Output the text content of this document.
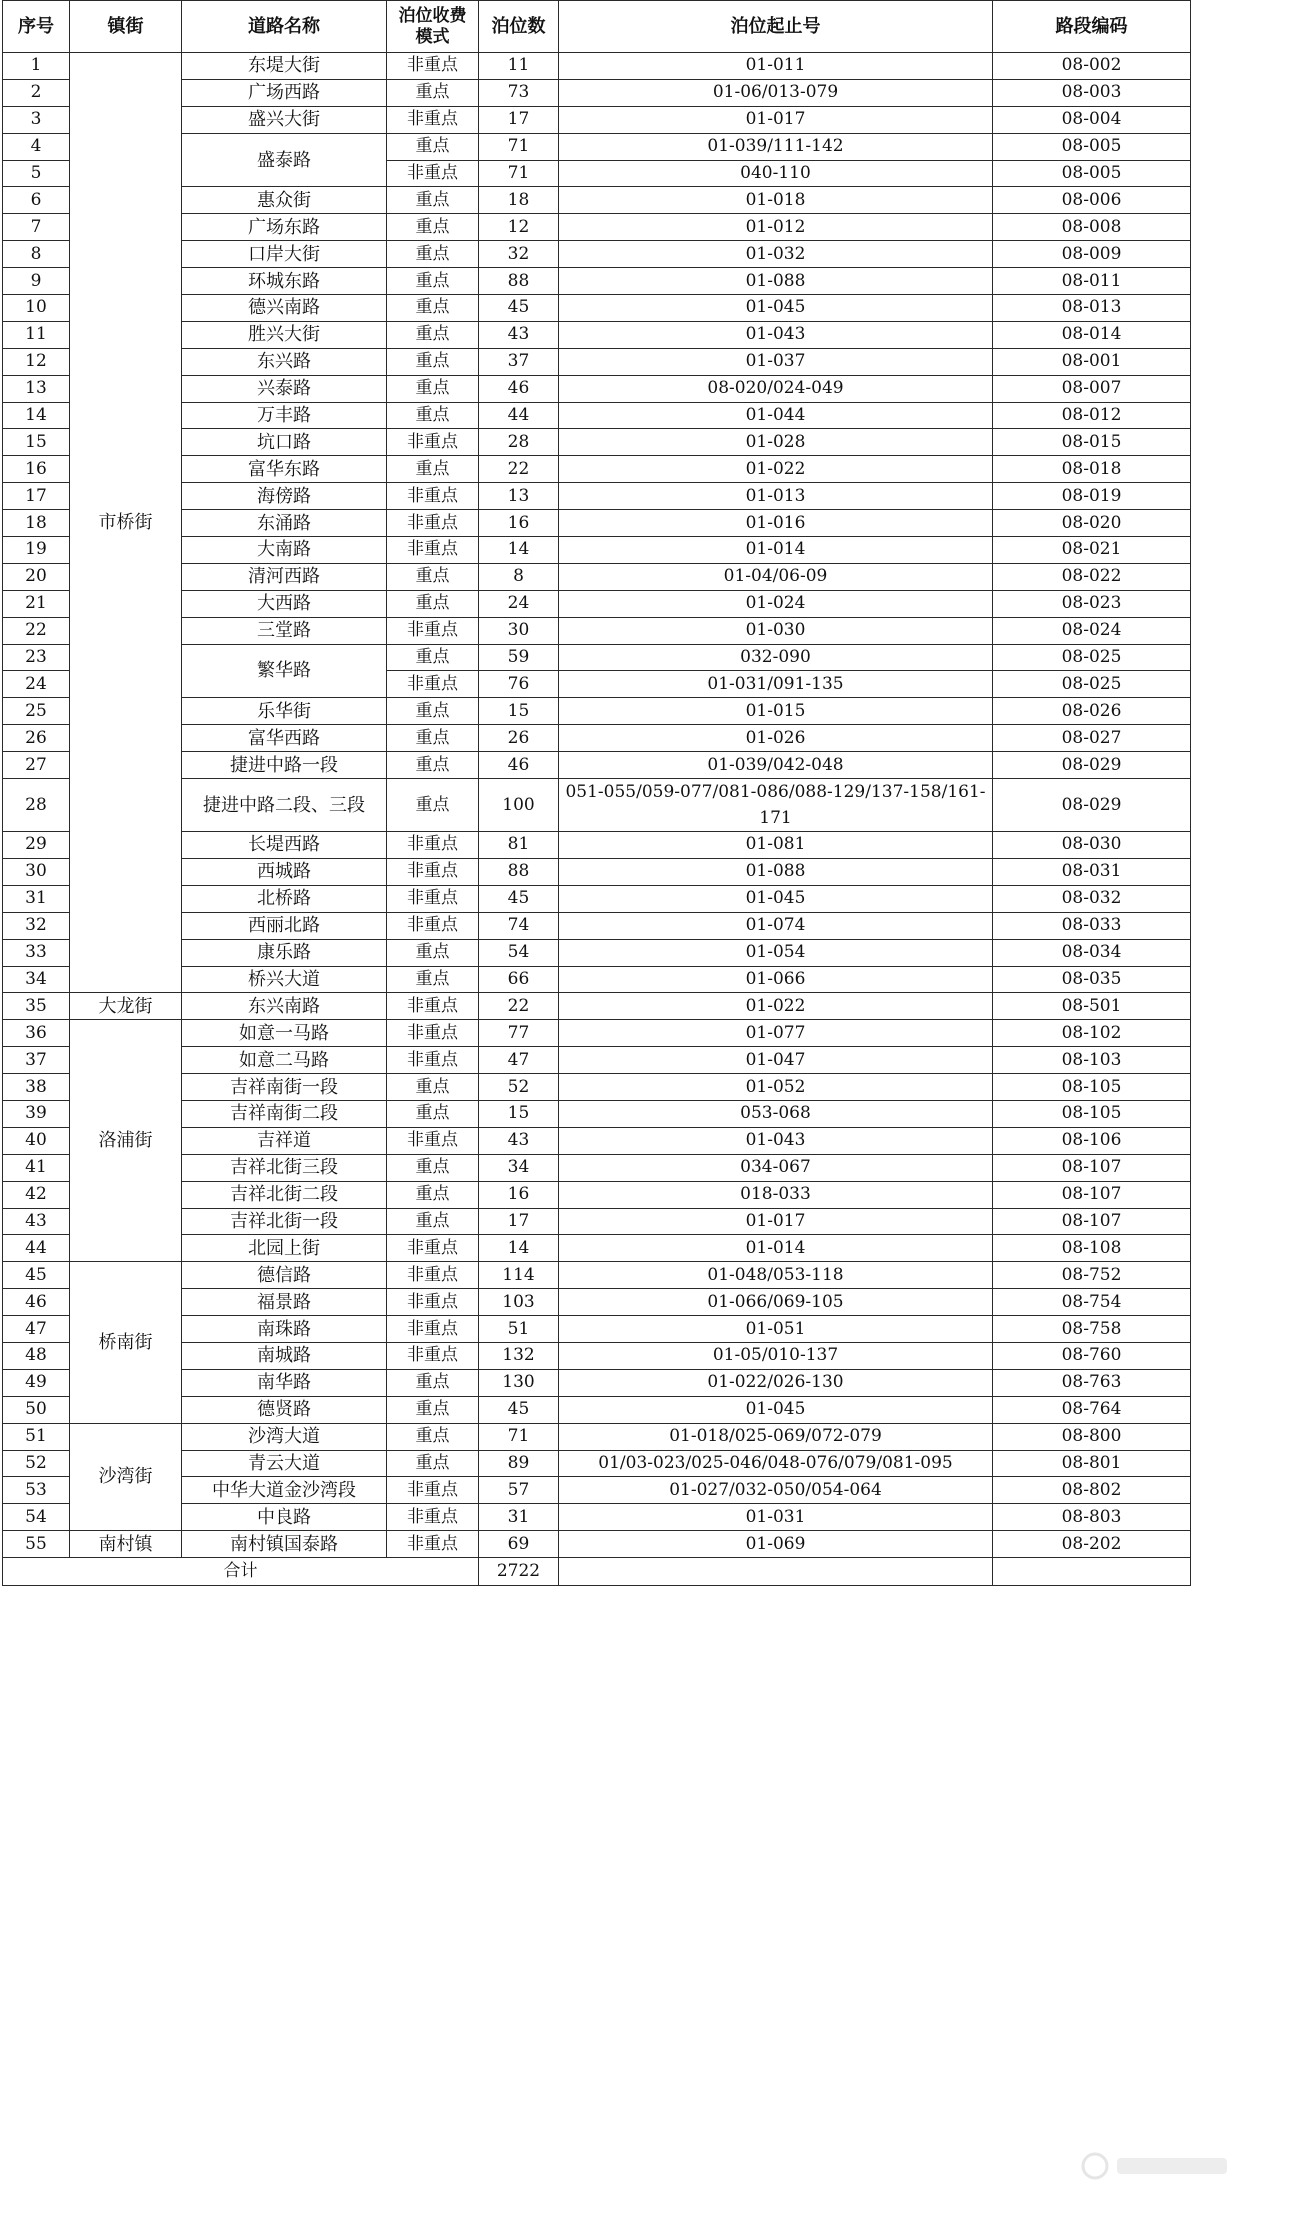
序号	镇街	道路名称	泊位收费模式	泊位数	泊位起止号	路段编码
1	市桥街	东堤大街	非重点	11	01-011	08-002
2		广场西路	重点	73	01-06/013-079	08-003
3		盛兴大街	非重点	17	01-017	08-004
4		盛泰路	重点	71	01-039/111-142	08-005
5			非重点	71	040-110	08-005
6		惠众街	重点	18	01-018	08-006
7		广场东路	重点	12	01-012	08-008
8		口岸大街	重点	32	01-032	08-009
9		环城东路	重点	88	01-088	08-011
10		德兴南路	重点	45	01-045	08-013
11		胜兴大街	重点	43	01-043	08-014
12		东兴路	重点	37	01-037	08-001
13		兴泰路	重点	46	08-020/024-049	08-007
14		万丰路	重点	44	01-044	08-012
15		坑口路	非重点	28	01-028	08-015
16		富华东路	重点	22	01-022	08-018
17		海傍路	非重点	13	01-013	08-019
18		东涌路	非重点	16	01-016	08-020
19		大南路	非重点	14	01-014	08-021
20		清河西路	重点	8	01-04/06-09	08-022
21		大西路	重点	24	01-024	08-023
22		三堂路	非重点	30	01-030	08-024
23		繁华路	重点	59	032-090	08-025
24			非重点	76	01-031/091-135	08-025
25		乐华街	重点	15	01-015	08-026
26		富华西路	重点	26	01-026	08-027
27		捷进中路一段	重点	46	01-039/042-048	08-029
28		捷进中路二段、三段	重点	100	051-055/059-077/081-086/088-129/137-158/161-171	08-029
29		长堤西路	非重点	81	01-081	08-030
30		西城路	非重点	88	01-088	08-031
31		北桥路	非重点	45	01-045	08-032
32		西丽北路	非重点	74	01-074	08-033
33		康乐路	重点	54	01-054	08-034
34		桥兴大道	重点	66	01-066	08-035
35	大龙街	东兴南路	非重点	22	01-022	08-501
36	洛浦街	如意一马路	非重点	77	01-077	08-102
37		如意二马路	非重点	47	01-047	08-103
38		吉祥南街一段	重点	52	01-052	08-105
39		吉祥南街二段	重点	15	053-068	08-105
40		吉祥道	非重点	43	01-043	08-106
41		吉祥北街三段	重点	34	034-067	08-107
42		吉祥北街二段	重点	16	018-033	08-107
43		吉祥北街一段	重点	17	01-017	08-107
44		北园上街	非重点	14	01-014	08-108
45	桥南街	德信路	非重点	114	01-048/053-118	08-752
46		福景路	非重点	103	01-066/069-105	08-754
47		南珠路	非重点	51	01-051	08-758
48		南城路	非重点	132	01-05/010-137	08-760
49		南华路	重点	130	01-022/026-130	08-763
50		德贤路	重点	45	01-045	08-764
51	沙湾街	沙湾大道	重点	71	01-018/025-069/072-079	08-800
52		青云大道	重点	89	01/03-023/025-046/048-076/079/081-095	08-801
53		中华大道金沙湾段	非重点	57	01-027/032-050/054-064	08-802
54		中良路	非重点	31	01-031	08-803
55	南村镇	南村镇国泰路	非重点	69	01-069	08-202
合计				2722		
